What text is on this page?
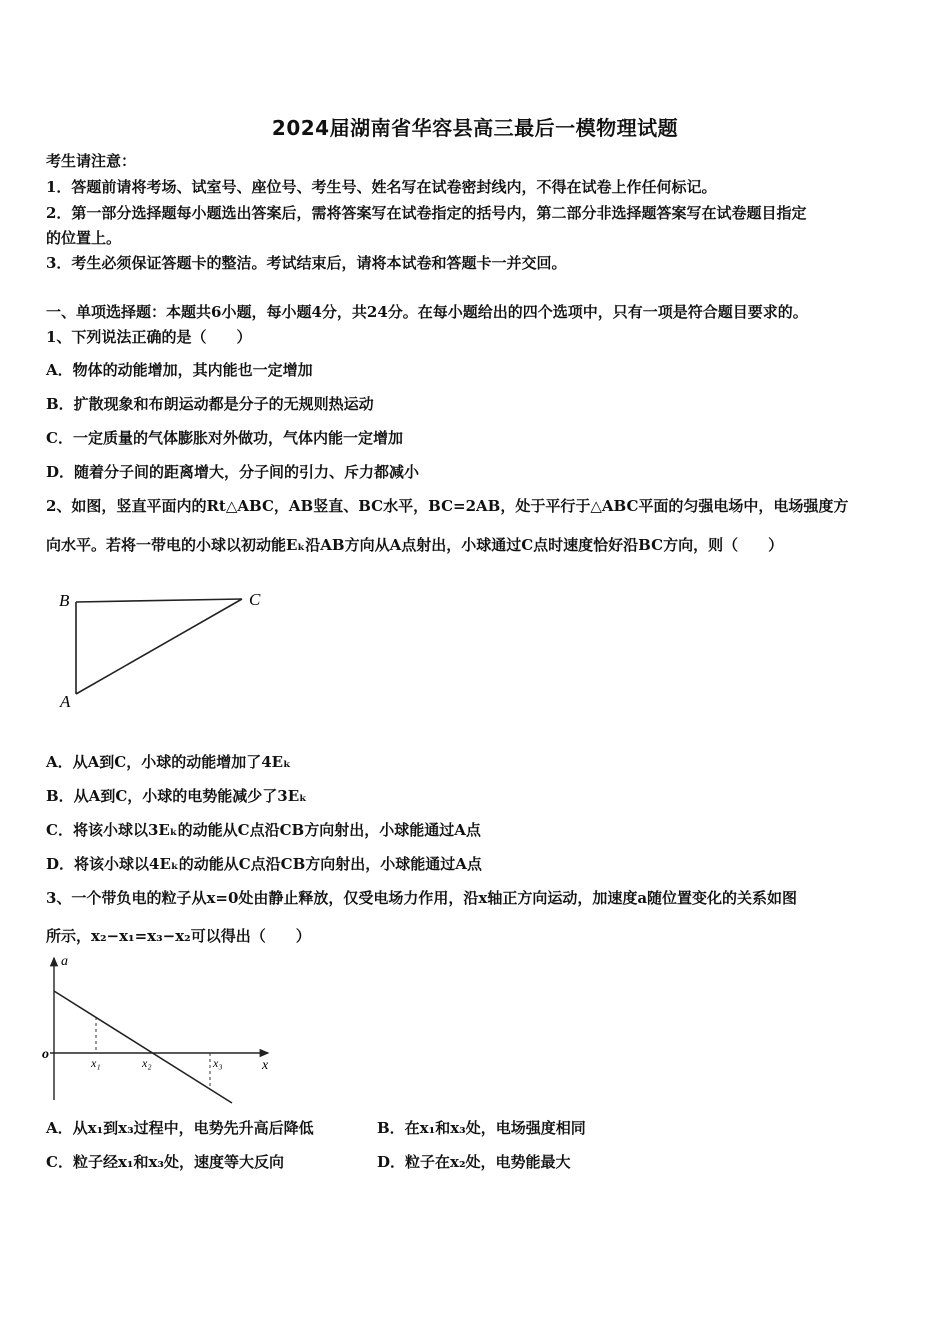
2024届湖南省华容县高三最后一模物理试题
考生请注意：
1．答题前请将考场、试室号、座位号、考生号、姓名写在试卷密封线内，不得在试卷上作任何标记。
2．第一部分选择题每小题选出答案后，需将答案写在试卷指定的括号内，第二部分非选择题答案写在试卷题目指定
的位置上。
3．考生必须保证答题卡的整洁。考试结束后，请将本试卷和答题卡一并交回。
一、单项选择题：本题共6小题，每小题4分，共24分。在每小题给出的四个选项中，只有一项是符合题目要求的。
1、下列说法正确的是（　　）
A．物体的动能增加，其内能也一定增加
B．扩散现象和布朗运动都是分子的无规则热运动
C．一定质量的气体膨胀对外做功，气体内能一定增加
D．随着分子间的距离增大，分子间的引力、斥力都减小
2、如图，竖直平面内的Rt△ABC，AB竖直、BC水平，BC=2AB，处于平行于△ABC平面的匀强电场中，电场强度方
向水平。若将一带电的小球以初动能Eₖ沿AB方向从A点射出，小球通过C点时速度恰好沿BC方向，则（　　）
B	C
A
A．从A到C，小球的动能增加了4Eₖ
B．从A到C，小球的电势能减少了3Eₖ
C．将该小球以3Eₖ的动能从C点沿CB方向射出，小球能通过A点
D．将该小球以4Eₖ的动能从C点沿CB方向射出，小球能通过A点
3、一个带负电的粒子从x=0处由静止释放，仅受电场力作用，沿x轴正方向运动，加速度a随位置变化的关系如图
所示，x₂−x₁=x₃−x₂可以得出（　　）
a
o
x
x₁	x₂	x₃
A．从x₁到x₃过程中，电势先升高后降低	B．在x₁和x₃处，电场强度相同
C．粒子经x₁和x₃处，速度等大反向	D．粒子在x₂处，电势能最大
